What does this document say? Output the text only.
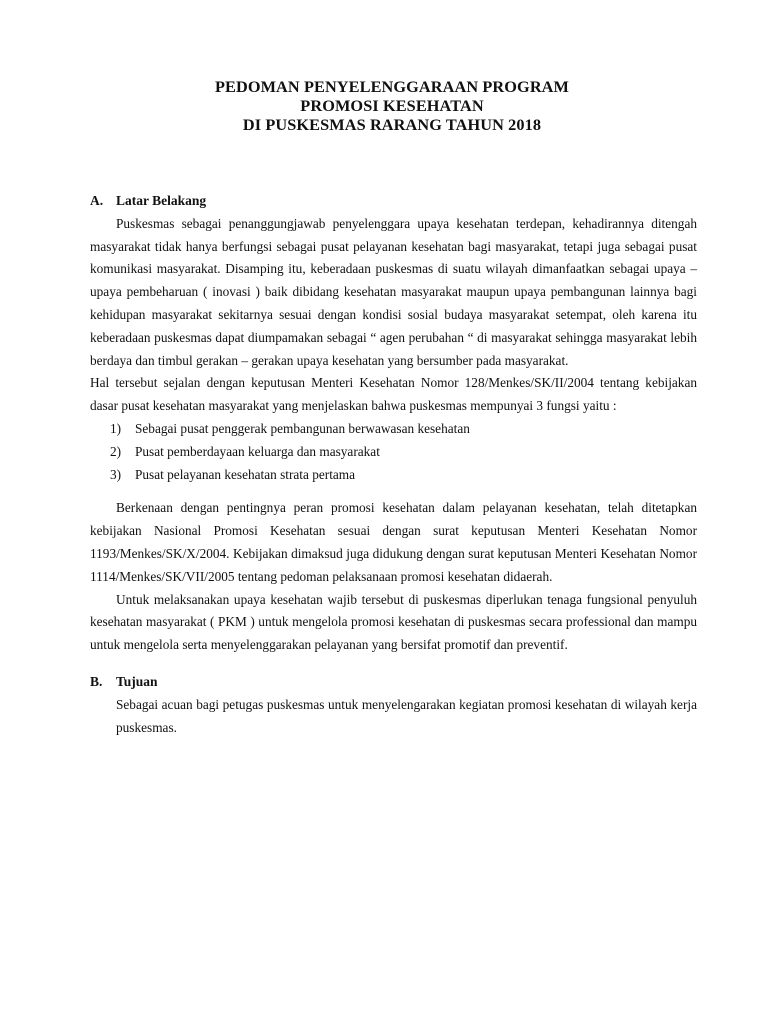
PEDOMAN PENYELENGGARAAN PROGRAM
PROMOSI KESEHATAN
DI PUSKESMAS RARANG TAHUN 2018
A. Latar Belakang

Puskesmas sebagai penanggungjawab penyelenggara upaya kesehatan terdepan, kehadirannya ditengah masyarakat tidak hanya berfungsi sebagai pusat pelayanan kesehatan bagi masyarakat, tetapi juga sebagai pusat komunikasi masyarakat. Disamping itu, keberadaan puskesmas di suatu wilayah dimanfaatkan sebagai upaya – upaya pembeharuan ( inovasi ) baik dibidang kesehatan masyarakat maupun upaya pembangunan lainnya bagi kehidupan masyarakat sekitarnya sesuai dengan kondisi sosial budaya masyarakat setempat, oleh karena itu keberadaan puskesmas dapat diumpamakan sebagai “ agen perubahan “ di masyarakat sehingga masyarakat lebih berdaya dan timbul gerakan – gerakan upaya kesehatan yang bersumber pada masyarakat.

Hal tersebut sejalan dengan keputusan Menteri Kesehatan Nomor 128/Menkes/SK/II/2004 tentang kebijakan dasar pusat kesehatan masyarakat yang menjelaskan bahwa puskesmas mempunyai 3 fungsi yaitu :

1)	Sebagai pusat penggerak pembangunan berwawasan kesehatan
2)	Pusat pemberdayaan keluarga dan masyarakat
3)	Pusat pelayanan kesehatan strata pertama

Berkenaan dengan pentingnya peran promosi kesehatan dalam pelayanan kesehatan, telah ditetapkan kebijakan Nasional Promosi Kesehatan sesuai dengan surat keputusan Menteri Kesehatan Nomor 1193/Menkes/SK/X/2004. Kebijakan dimaksud juga didukung dengan surat keputusan Menteri Kesehatan Nomor 1114/Menkes/SK/VII/2005 tentang pedoman pelaksanaan promosi kesehatan didaerah.

Untuk melaksanakan upaya kesehatan wajib tersebut di puskesmas diperlukan tenaga fungsional penyuluh kesehatan masyarakat ( PKM ) untuk mengelola promosi kesehatan di puskesmas secara professional dan mampu untuk mengelola serta menyelenggarakan pelayanan yang bersifat promotif dan preventif.

B. Tujuan

Sebagai acuan bagi petugas puskesmas untuk menyelengarakan kegiatan promosi kesehatan di wilayah kerja puskesmas.
